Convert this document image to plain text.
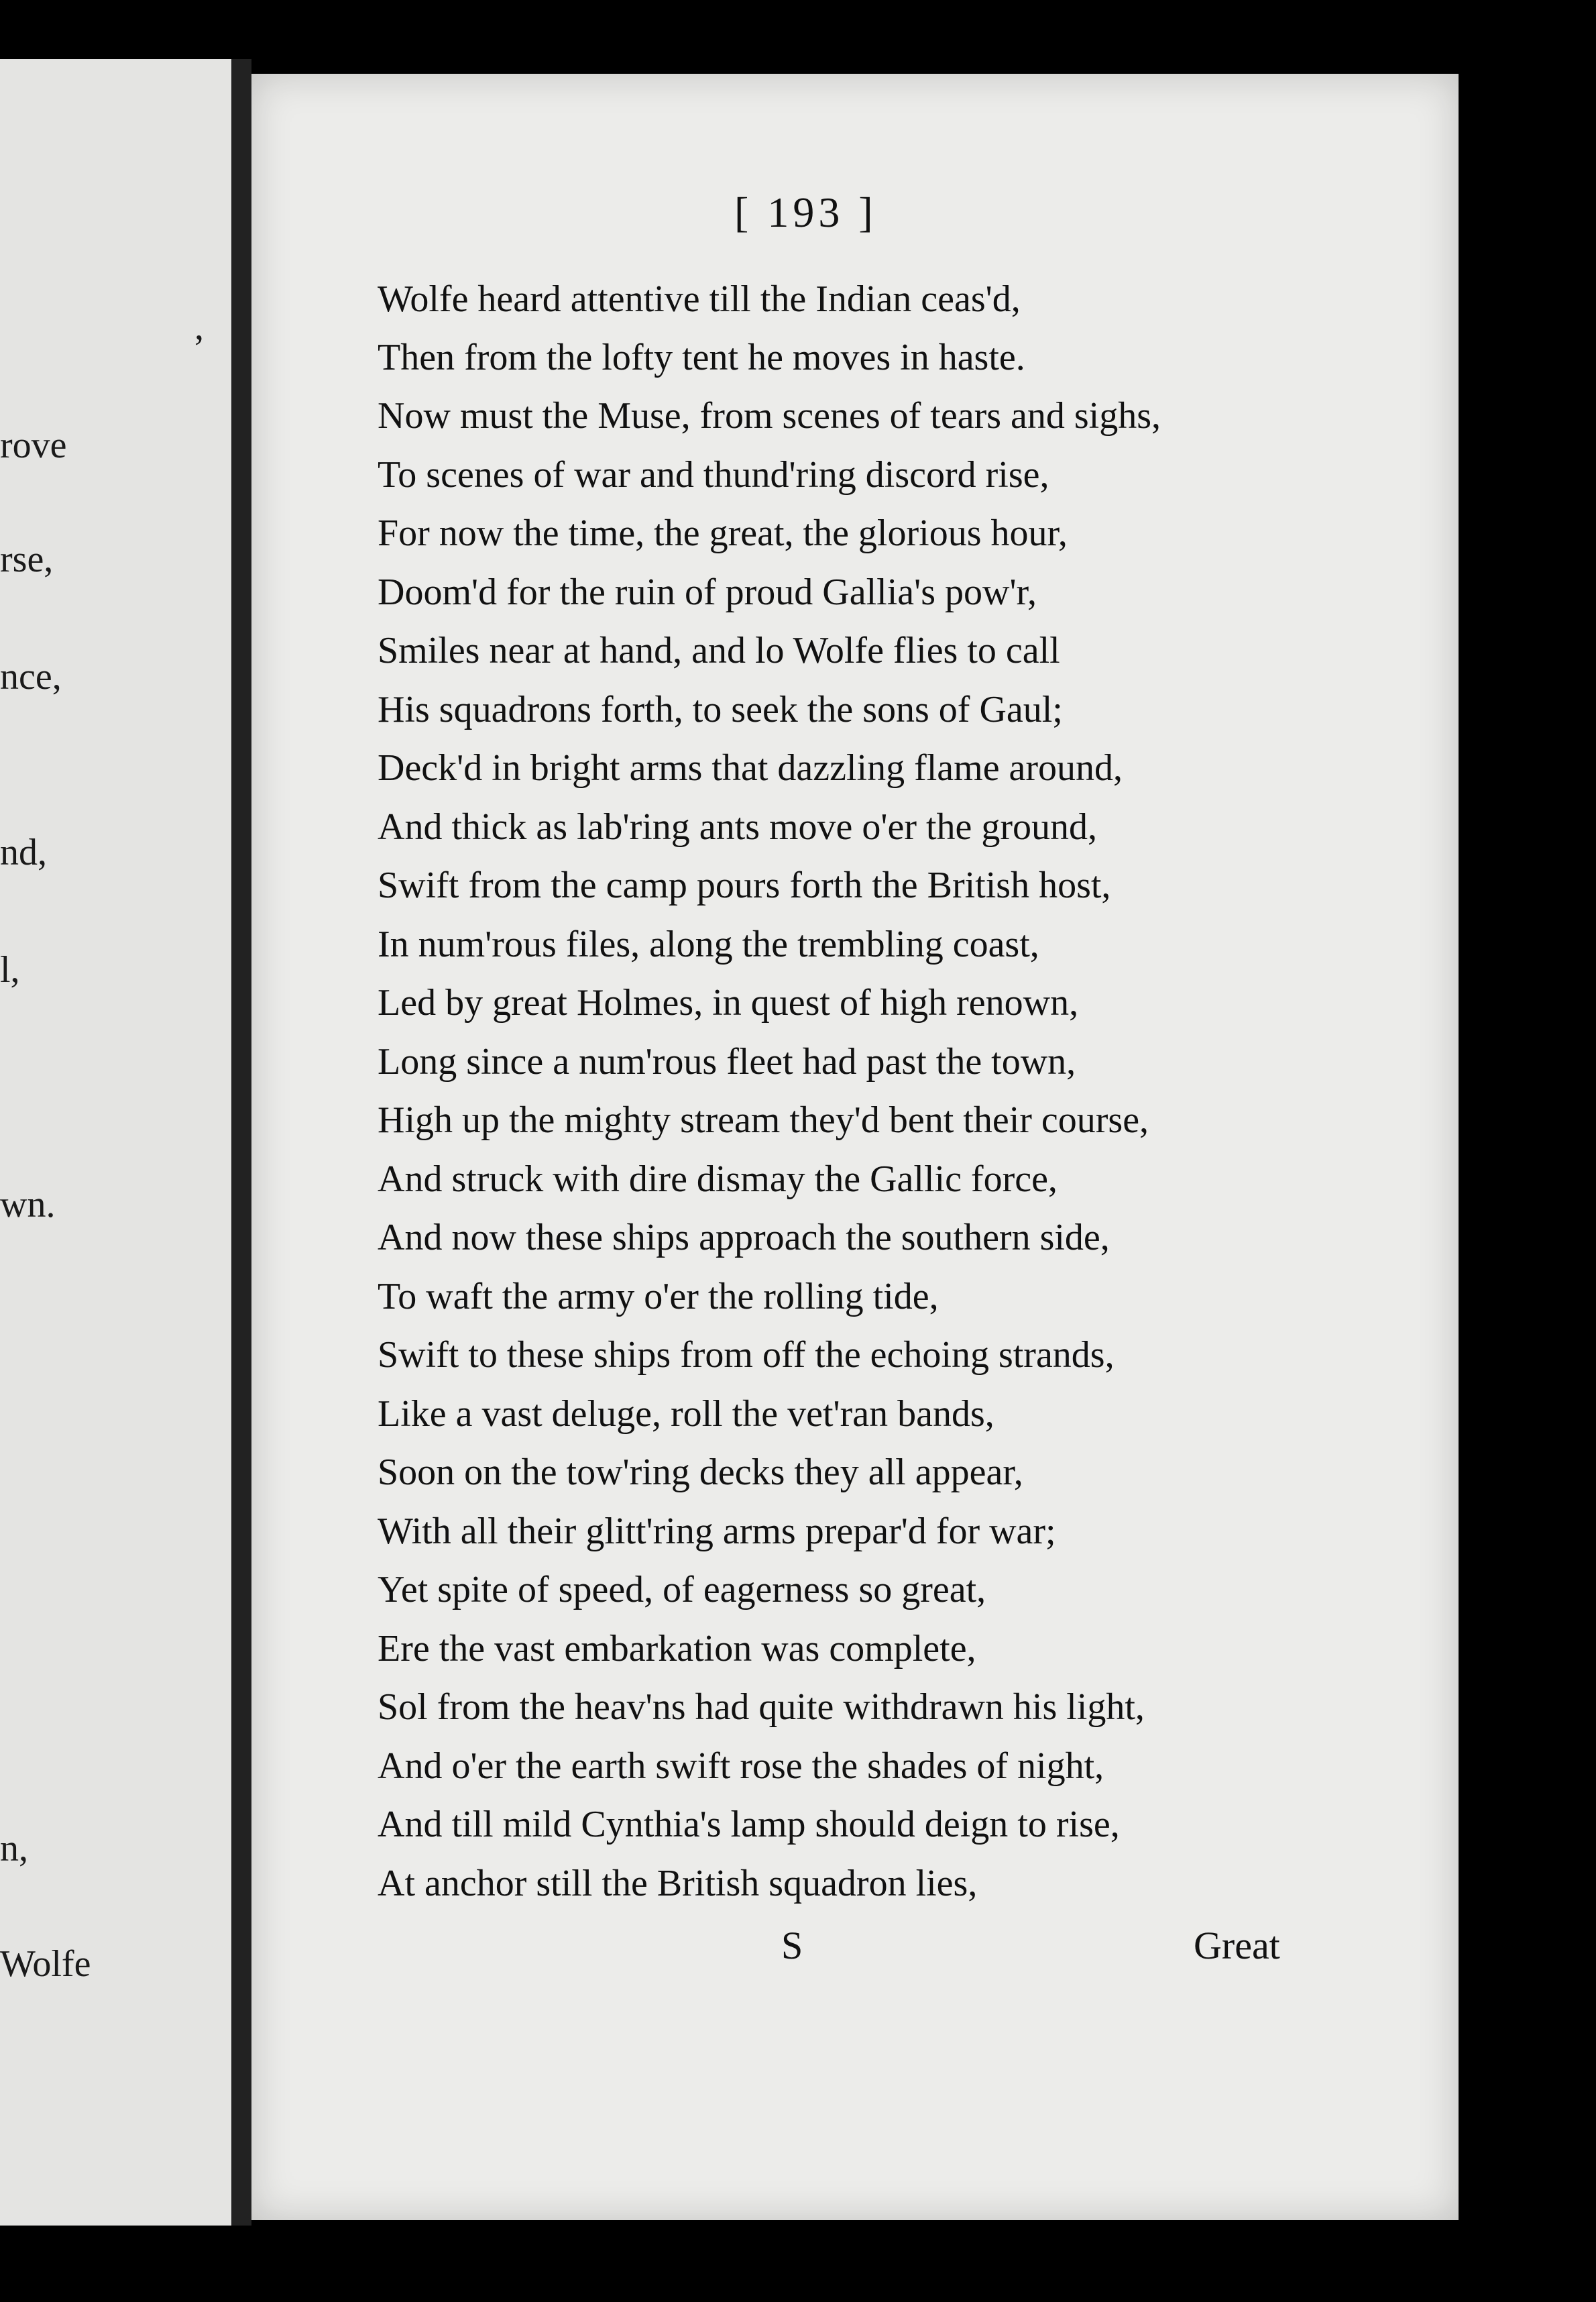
,
rove
rse,
nce,
nd,
l,
wn.
n,
Wolfe
[ 193 ]
Wolfe heard attentive till the Indian ceas'd,
Then from the lofty tent he moves in haste.
Now must the Muse, from scenes of tears and sighs,
To scenes of war and thund'ring discord rise,
For now the time, the great, the glorious hour,
Doom'd for the ruin of proud Gallia's pow'r,
Smiles near at hand, and lo Wolfe flies to call
His squadrons forth, to seek the sons of Gaul;
Deck'd in bright arms that dazzling flame around,
And thick as lab'ring ants move o'er the ground,
Swift from the camp pours forth the British host,
In num'rous files, along the trembling coast,
Led by great Holmes, in quest of high renown,
Long since a num'rous fleet had past the town,
High up the mighty stream they'd bent their course,
And struck with dire dismay the Gallic force,
And now these ships approach the southern side,
To waft the army o'er the rolling tide,
Swift to these ships from off the echoing strands,
Like a vast deluge, roll the vet'ran bands,
Soon on the tow'ring decks they all appear,
With all their glitt'ring arms prepar'd for war;
Yet spite of speed, of eagerness so great,
Ere the vast embarkation was complete,
Sol from the heav'ns had quite withdrawn his light,
And o'er the earth swift rose the shades of night,
And till mild Cynthia's lamp should deign to rise,
At anchor still the British squadron lies,
S	Great
